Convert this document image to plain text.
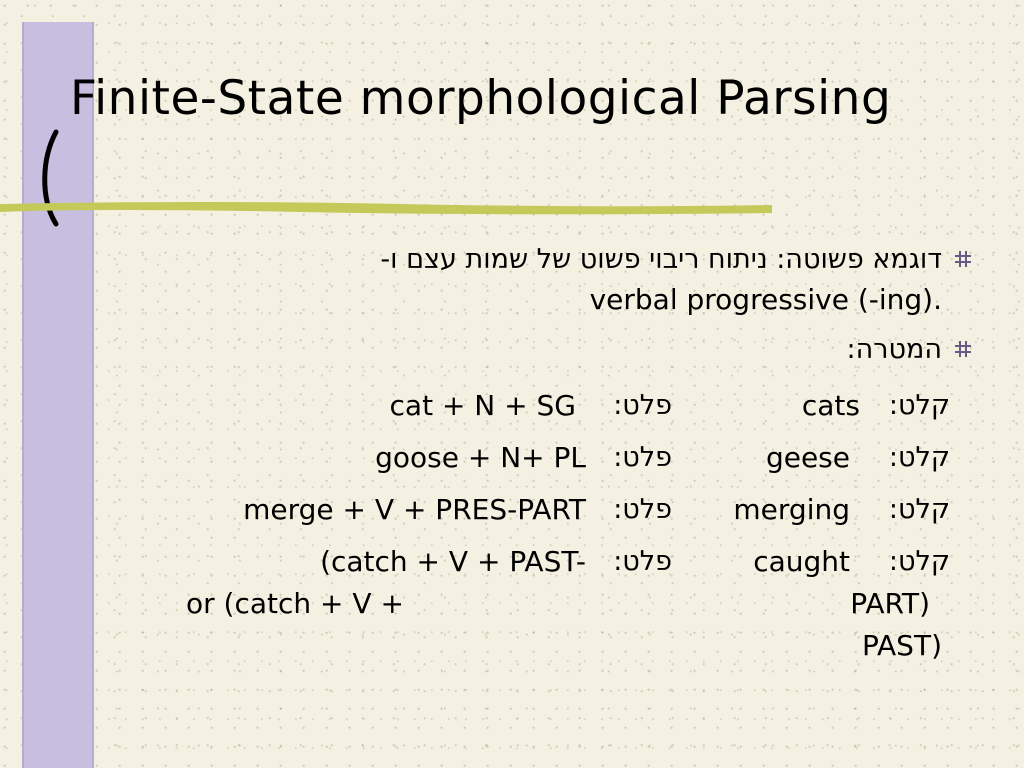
Finite-State morphological Parsing
דוגמא פשוטה: ניתוח ריבוי פשוט של שמות עצם ו-
verbal progressive (-ing).
המטרה:
קלט:
cats
פלט:
cat + N + SG
קלט:
geese
פלט:
goose + N+ PL
קלט:
merging
פלט:
merge + V + PRES-PART
קלט:
caught
פלט:
(catch + V + PAST-
or (catch + V +	PART)
PAST)
